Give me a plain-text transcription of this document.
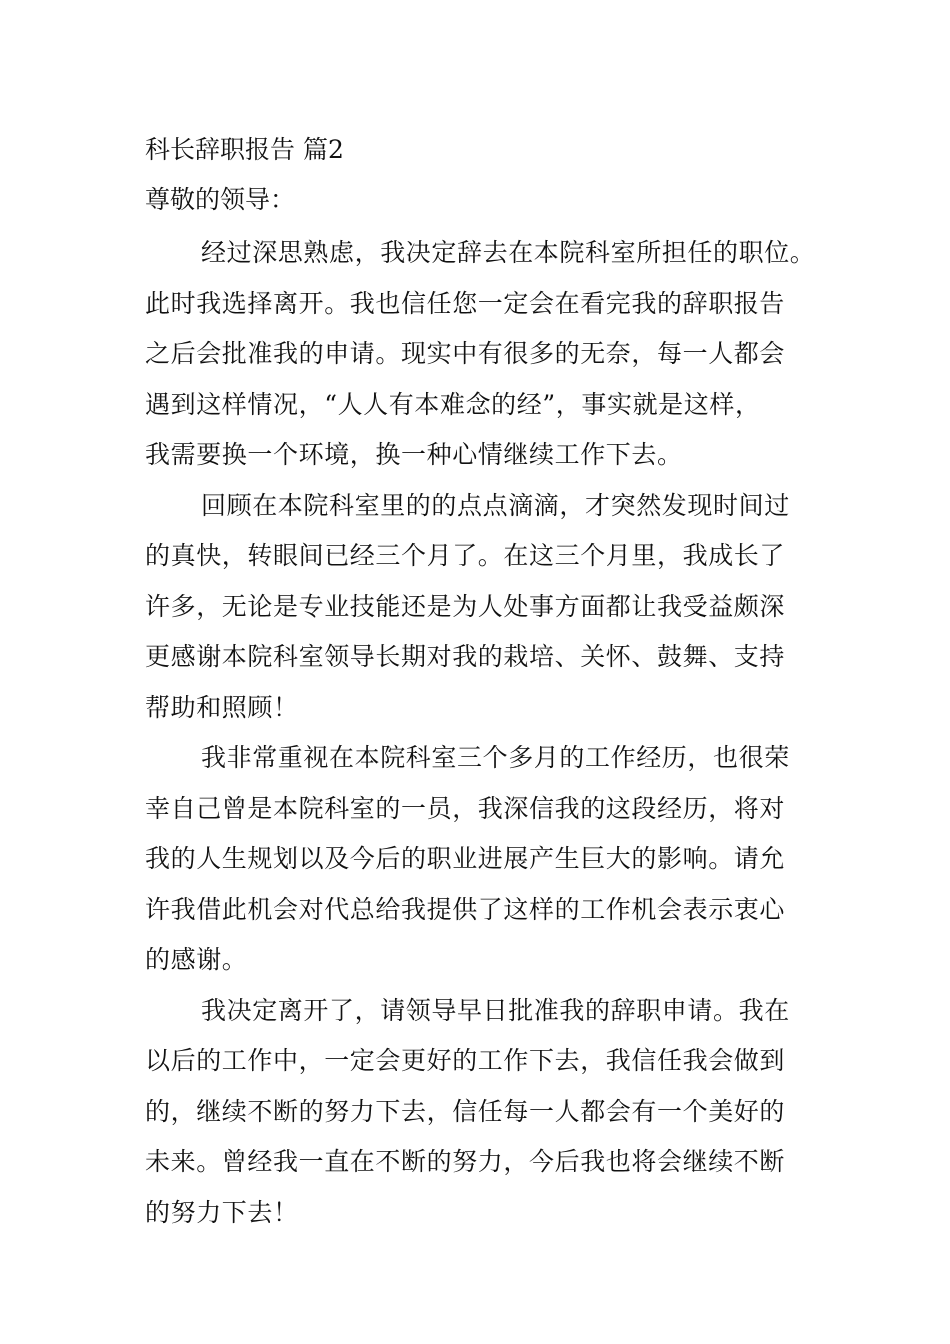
科长辞职报告 篇2
尊敬的领导：
经过深思熟虑，我决定辞去在本院科室所担任的职位。
此时我选择离开。我也信任您一定会在看完我的辞职报告
之后会批准我的申请。现实中有很多的无奈，每一人都会
遇到这样情况，“人人有本难念的经”，事实就是这样，
我需要换一个环境，换一种心情继续工作下去。
回顾在本院科室里的的点点滴滴，才突然发现时间过
的真快，转眼间已经三个月了。在这三个月里，我成长了
许多，无论是专业技能还是为人处事方面都让我受益颇深
更感谢本院科室领导长期对我的栽培、关怀、鼓舞、支持
帮助和照顾！
我非常重视在本院科室三个多月的工作经历，也很荣
幸自己曾是本院科室的一员，我深信我的这段经历，将对
我的人生规划以及今后的职业进展产生巨大的影响。请允
许我借此机会对代总给我提供了这样的工作机会表示衷心
的感谢。
我决定离开了，请领导早日批准我的辞职申请。我在
以后的工作中，一定会更好的工作下去，我信任我会做到
的，继续不断的努力下去，信任每一人都会有一个美好的
未来。曾经我一直在不断的努力，今后我也将会继续不断
的努力下去！
